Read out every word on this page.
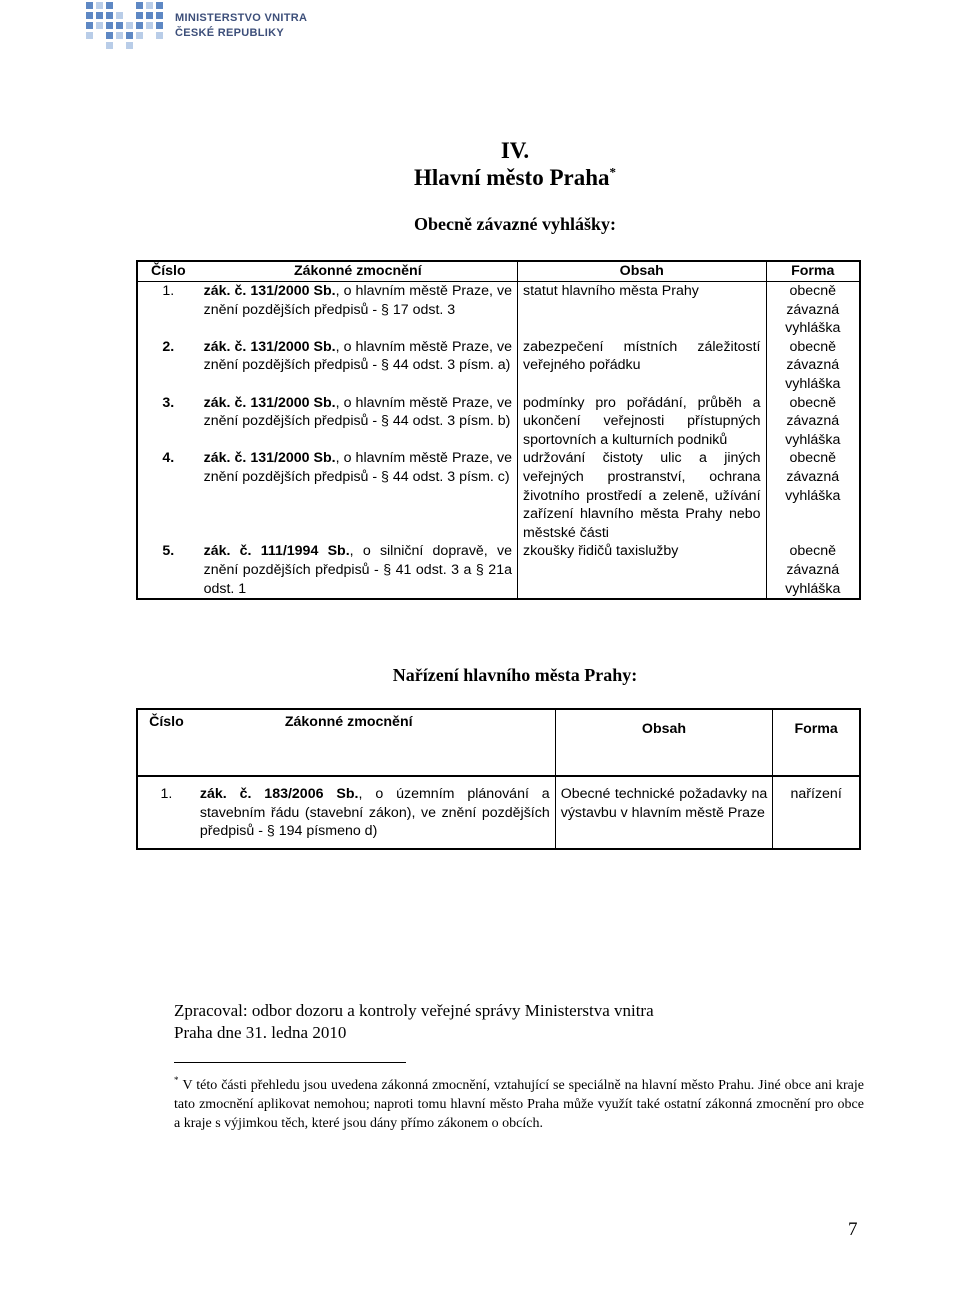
MINISTERSTVO VNITRA
ČESKÉ REPUBLIKY
IV.
Hlavní město Praha*
Obecně závazné vyhlášky:
Číslo	Zákonné zmocnění	Obsah	Forma
1.	zák. č. 131/2000 Sb., o hlavním městě Praze, ve znění pozdějších předpisů - § 17 odst. 3	statut hlavního města Prahy	obecně závazná vyhláška
2.	zák. č. 131/2000 Sb., o hlavním městě Praze, ve znění pozdějších předpisů - § 44 odst. 3 písm. a)	zabezpečení místních záležitostí veřejného pořádku	obecně závazná vyhláška
3.	zák. č. 131/2000 Sb., o hlavním městě Praze, ve znění pozdějších předpisů - § 44 odst. 3 písm. b)	podmínky pro pořádání, průběh a ukončení veřejnosti přístupných sportovních a kulturních podniků	obecně závazná vyhláška
4.	zák. č. 131/2000 Sb., o hlavním městě Praze, ve znění pozdějších předpisů - § 44 odst. 3 písm. c)	udržování čistoty ulic a jiných veřejných prostranství, ochrana životního prostředí a zeleně, užívání zařízení hlavního města Prahy nebo městské části	obecně závazná vyhláška
5.	zák. č. 111/1994 Sb., o silniční dopravě, ve znění pozdějších předpisů - § 41 odst. 3 a § 21a odst. 1	zkoušky řidičů taxislužby	obecně závazná vyhláška
Nařízení hlavního města Prahy:
Číslo	Zákonné zmocnění	Obsah	Forma
1.	zák. č. 183/2006 Sb., o územním plánování a stavebním řádu (stavební zákon), ve znění pozdějších předpisů - § 194 písmeno d)	Obecné technické požadavky na výstavbu v hlavním městě Praze	nařízení
Zpracoval: odbor dozoru a kontroly veřejné správy Ministerstva vnitra
Praha dne 31. ledna 2010
* V této části přehledu jsou uvedena zákonná zmocnění, vztahující se speciálně na hlavní město Prahu. Jiné obce ani kraje tato zmocnění aplikovat nemohou; naproti tomu hlavní město Praha může využít také ostatní zákonná zmocnění pro obce a kraje s výjimkou těch, které jsou dány přímo zákonem o obcích.
7
